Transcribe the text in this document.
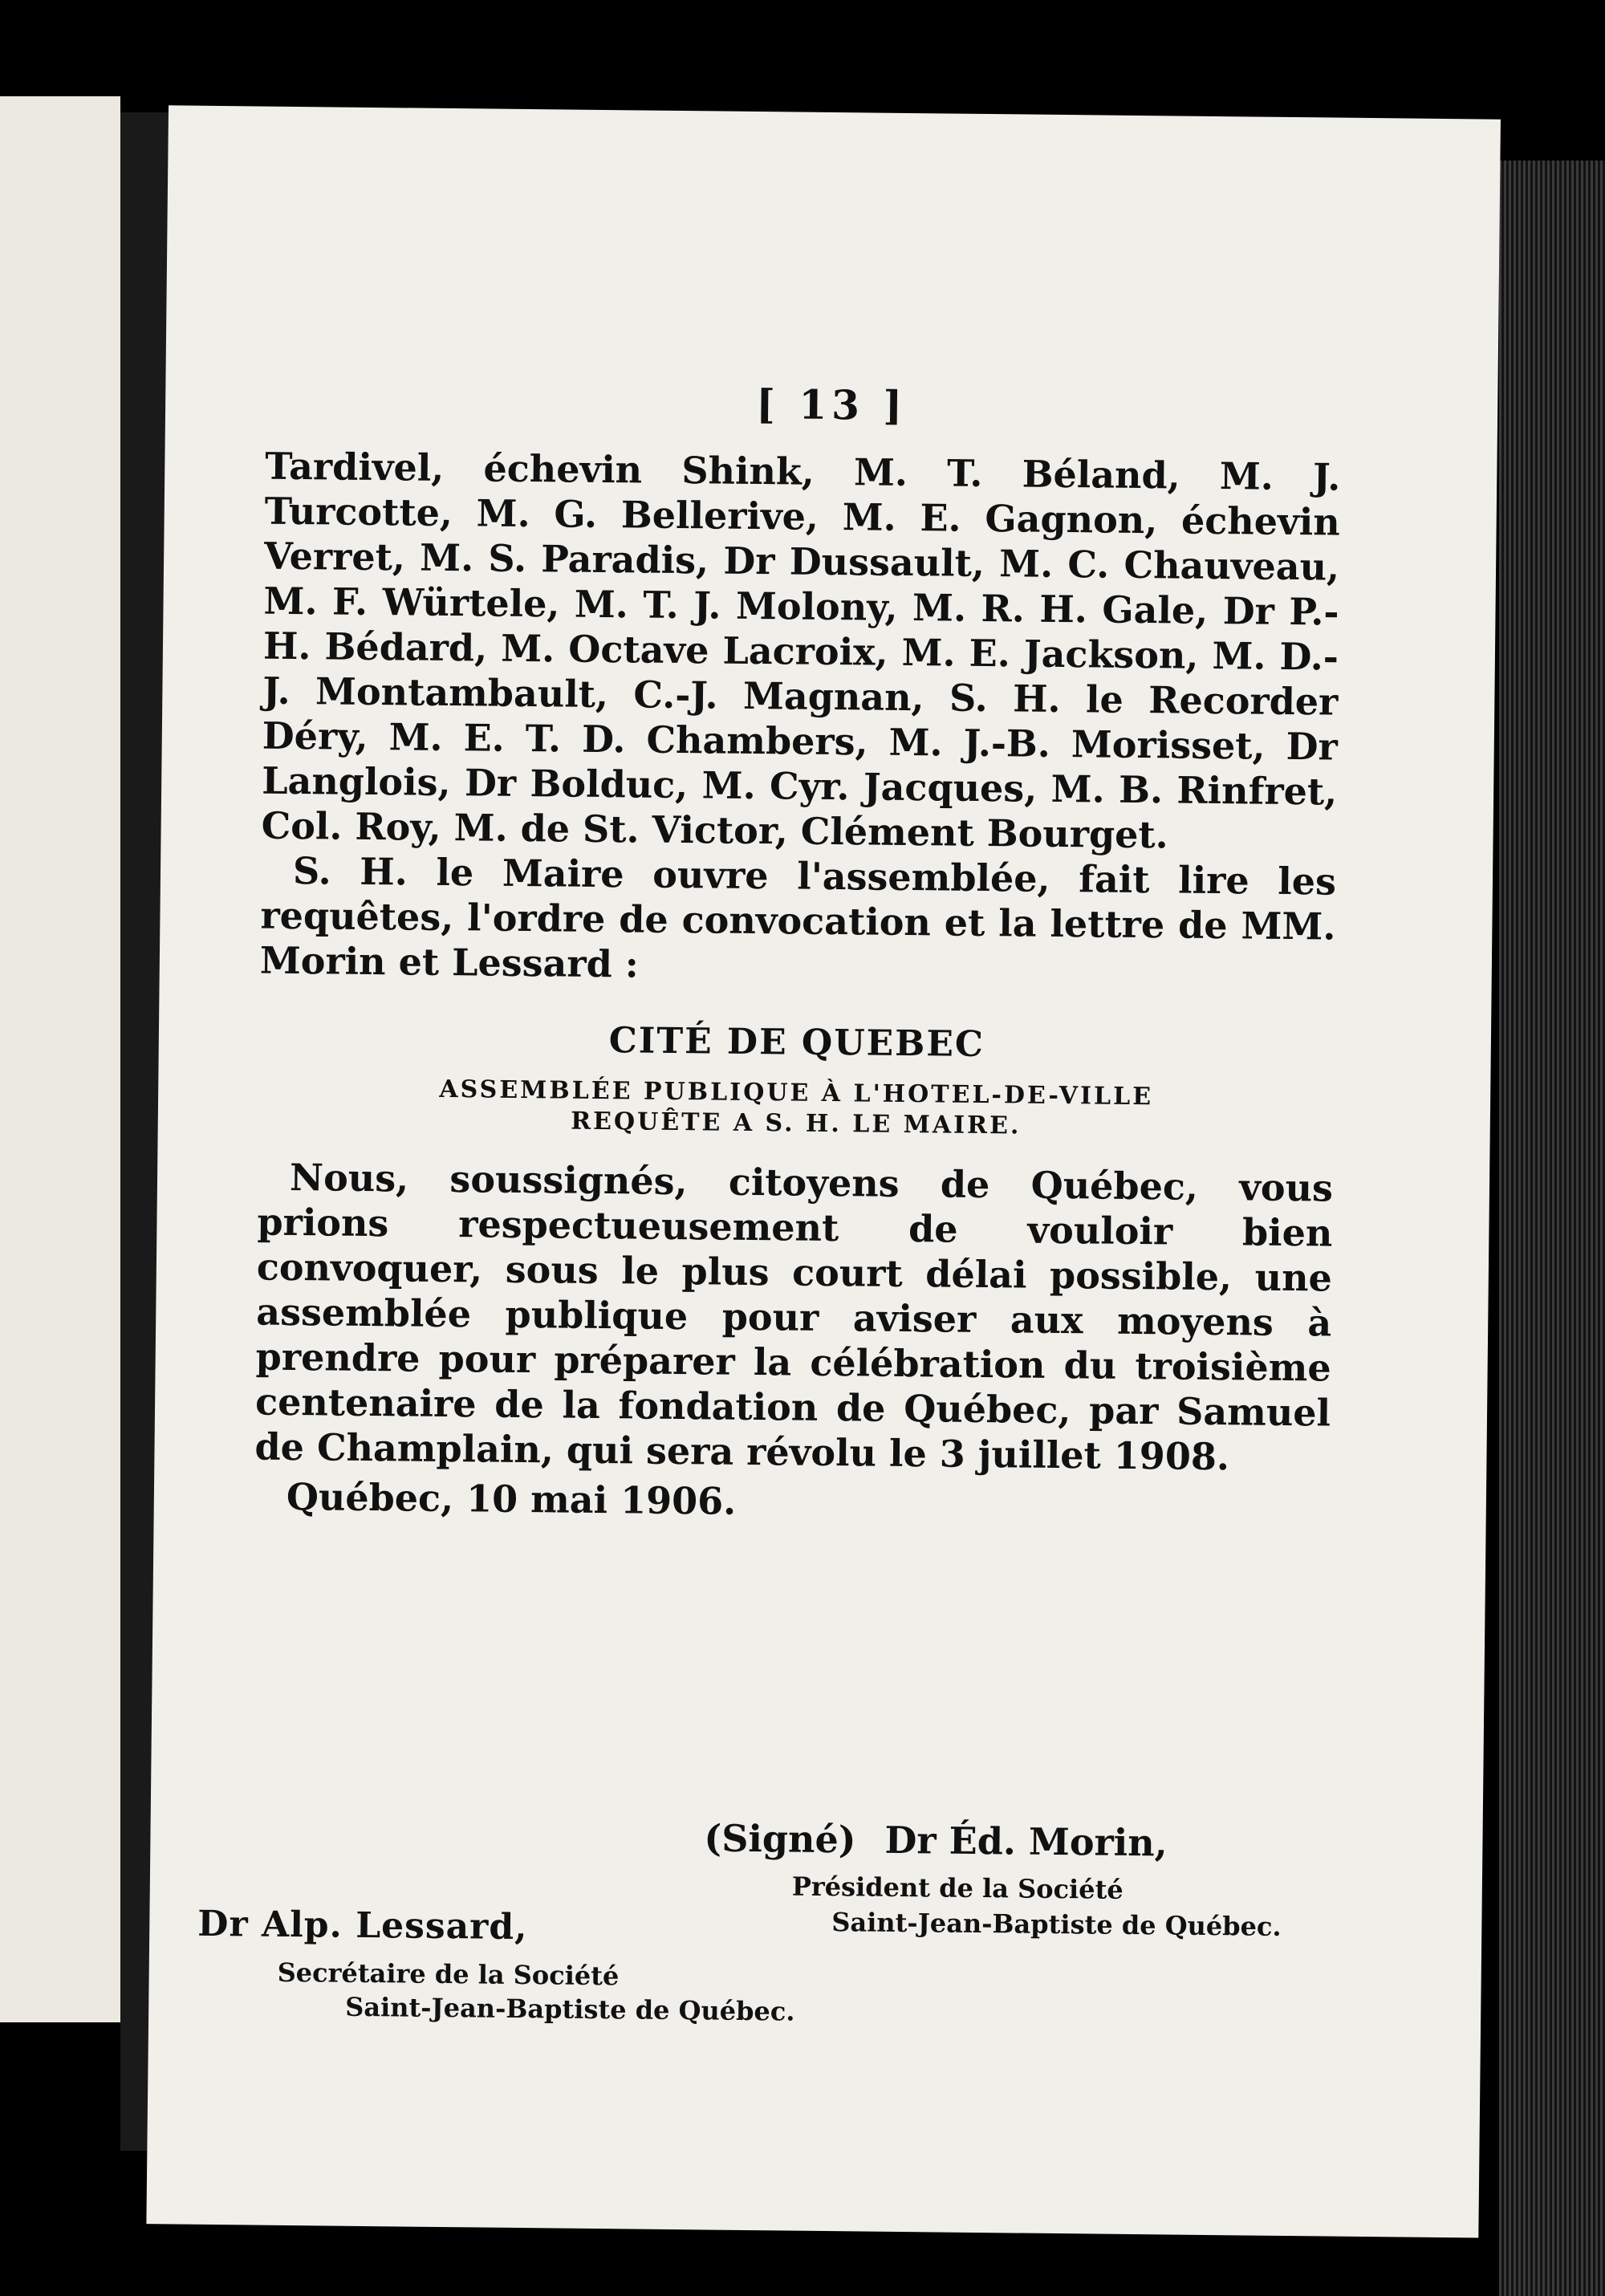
[ 13 ]

Tardivel, échevin Shink, M. T. Béland, M. J. Turcotte, M. G. Bellerive, M. E. Gagnon, échevin Verret, M. S. Paradis, Dr Dussault, M. C. Chauveau, M. F. Würtele, M. T. J. Molony, M. R. H. Gale, Dr P.-H. Bédard, M. Octave Lacroix, M. E. Jackson, M. D.-J. Montambault, C.-J. Magnan, S. H. le Recorder Déry, M. E. T. D. Chambers, M. J.-B. Morisset, Dr Langlois, Dr Bolduc, M. Cyr. Jacques, M. B. Rinfret, Col. Roy, M. de St. Victor, Clément Bourget.

S. H. le Maire ouvre l'assemblée, fait lire les requêtes, l'ordre de convocation et la lettre de MM. Morin et Lessard :

CITÉ DE QUEBEC

ASSEMBLÉE PUBLIQUE À L'HOTEL-DE-VILLE

REQUÊTE A S. H. LE MAIRE.

Nous, soussignés, citoyens de Québec, vous prions respectueusement de vouloir bien convoquer, sous le plus court délai possible, une assemblée publique pour aviser aux moyens à prendre pour préparer la célébration du troisième centenaire de la fondation de Québec, par Samuel de Champlain, qui sera révolu le 3 juillet 1908.

Québec, 10 mai 1906.

(Signé) Dr Éd. Morin,
Président de la Société
Saint-Jean-Baptiste de Québec.
Dr Alp. Lessard,
Secrétaire de la Société
Saint-Jean-Baptiste de Québec.
